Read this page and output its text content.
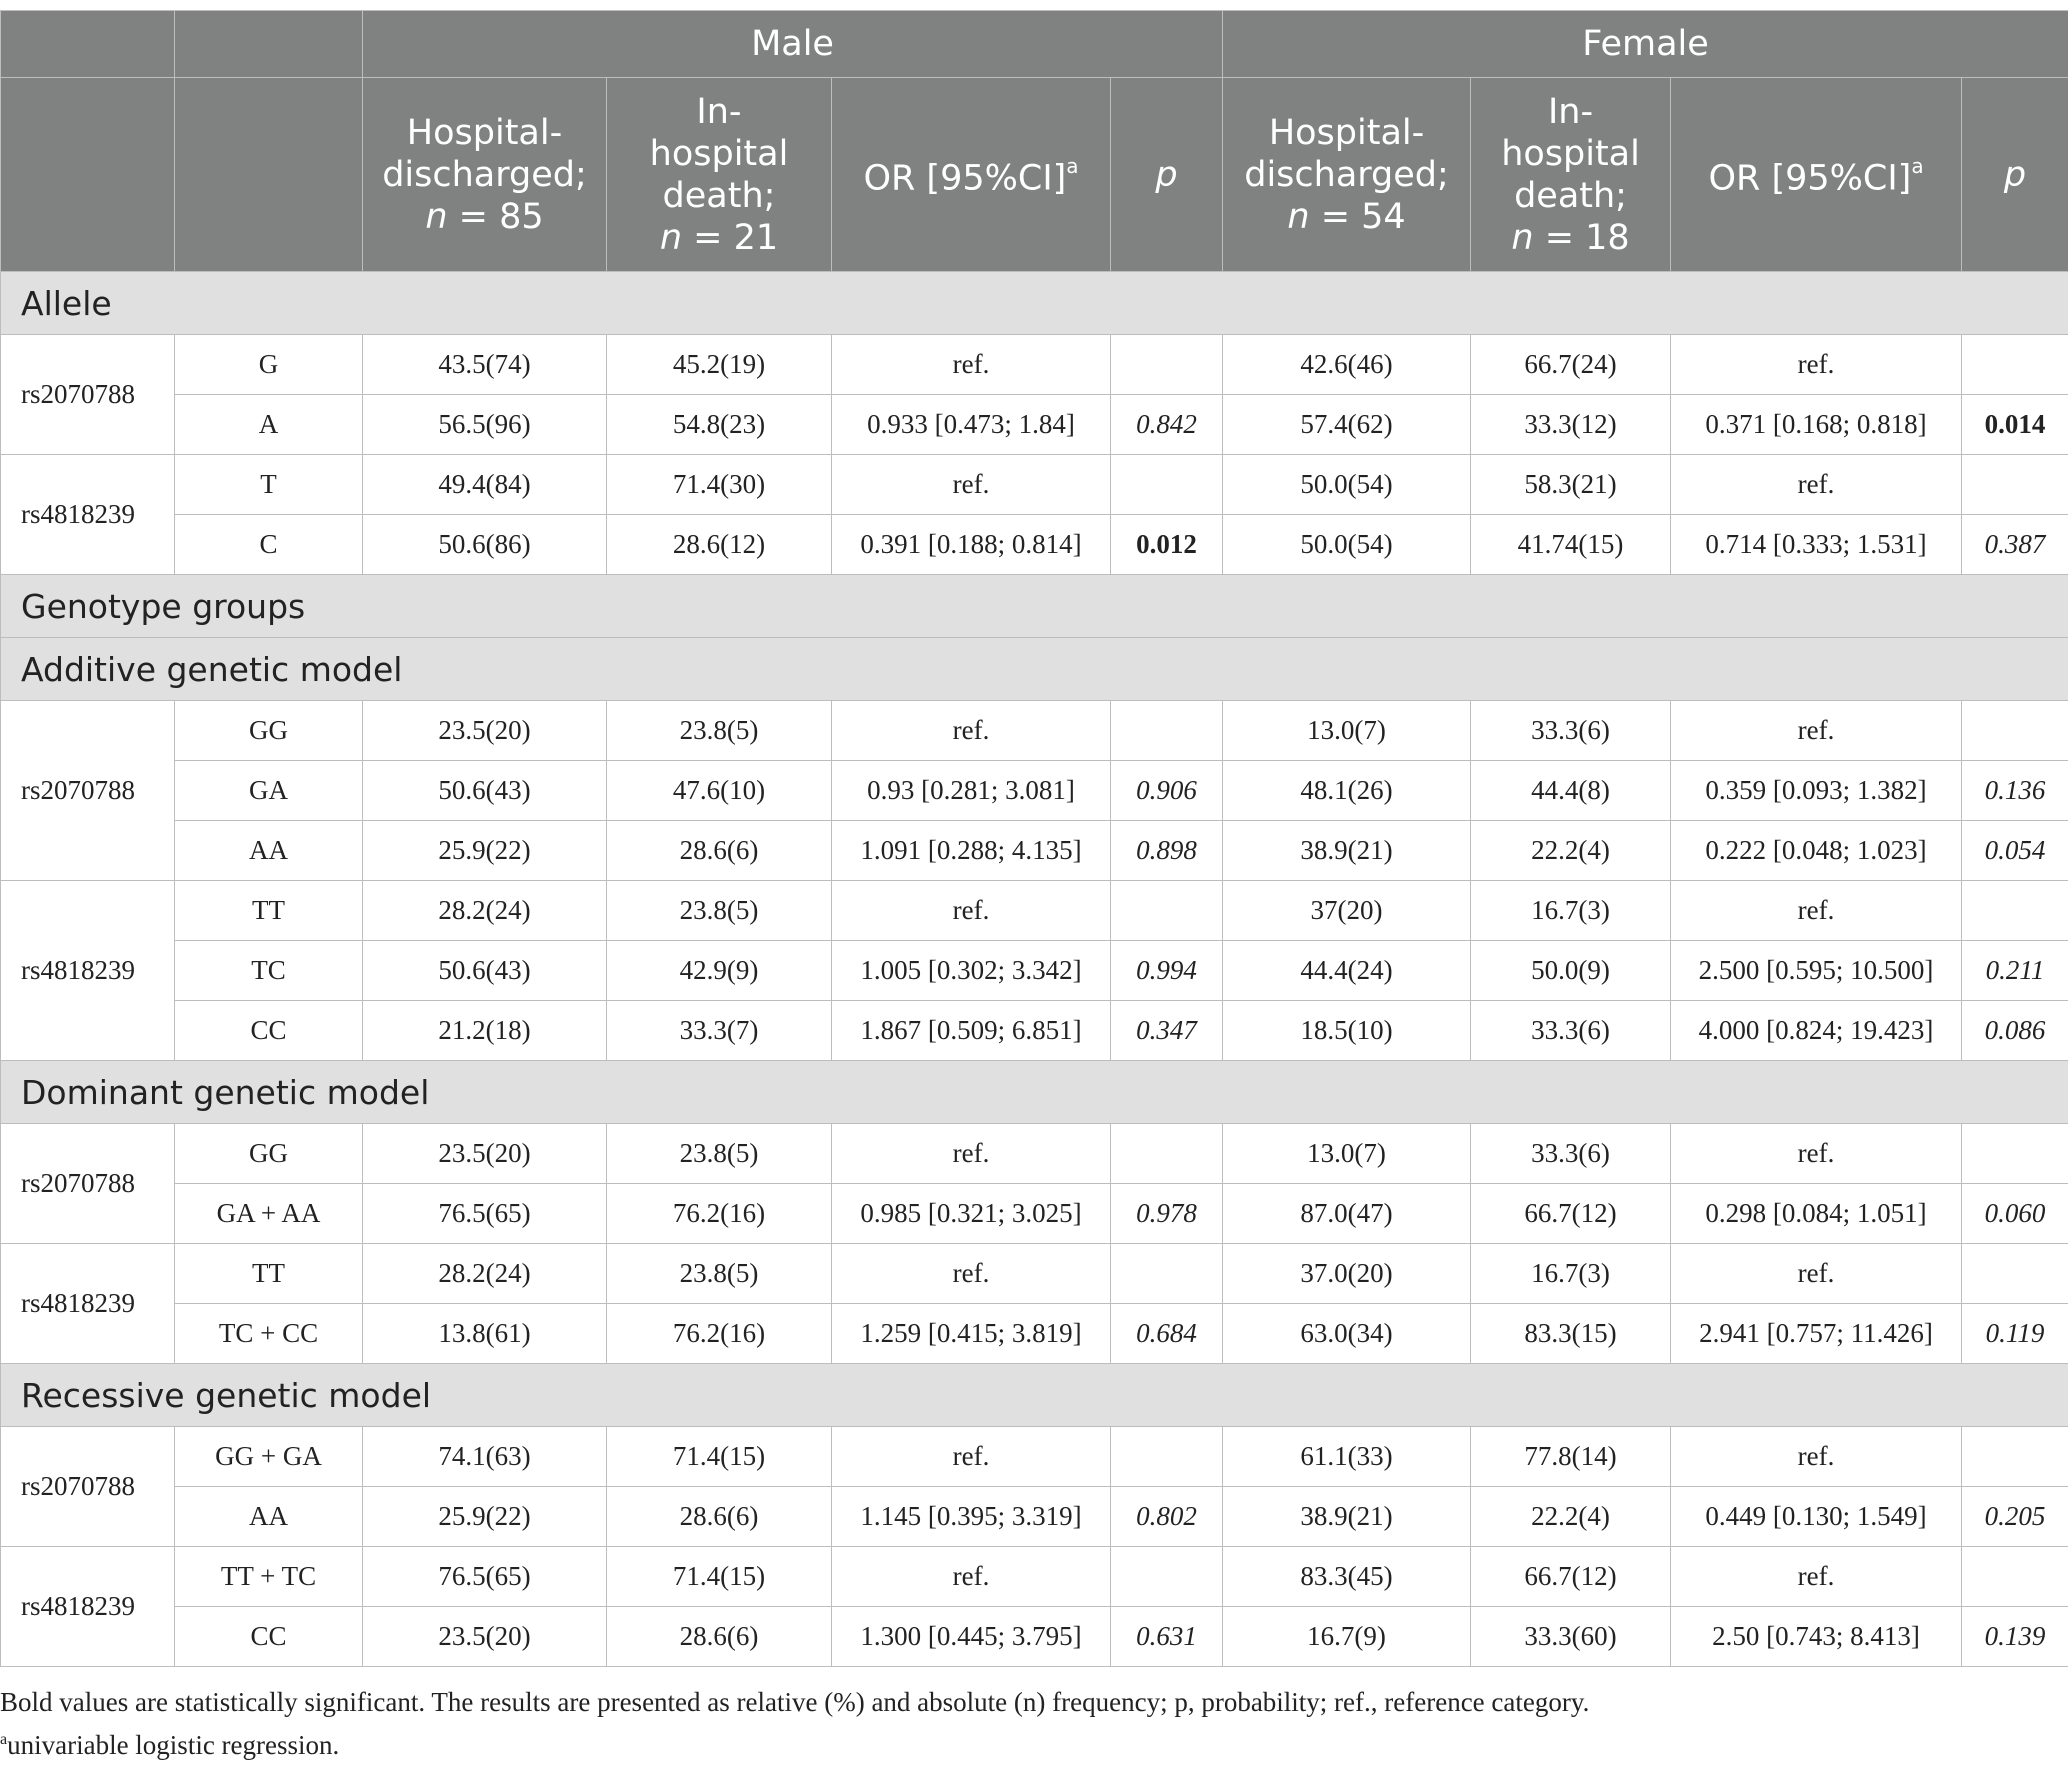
		Male				Female			

		Hospital-
discharged;
n = 85	In-
hospital
death;
n = 21	OR $[95\%CI]^a$	p	Hospital-
discharged;
n = 54	In-
hospital
death;
n = 18	OR $[95\%CI]^a$	p
Allele									
rs2070788	G	43.5(74)	45.2(19)	ref.		42.6(46)	66.7(24)	ref.	
	A	56.5(96)	54.8(23)	0.933 [0.473; 1.84]	0.842	57.4(62)	33.3(12)	0.371 [0.168; 0.818]	0.014
rs4818239	T	49.4(84)	71.4(30)	ref.		50.0(54)	58.3(21)	ref.	
	C	50.6(86)	28.6(12)	0.391 [0.188; 0.814]	0.012	50.0(54)	41.74(15)	0.714 [0.333; 1.531]	0.387
Genotype groups									
Additive genetic model									
rs2070788	GG	23.5(20)	23.8(5)	ref.		13.0(7)	33.3(6)	ref.	
	GA	50.6(43)	47.6(10)	0.93 [0.281; 3.081]	0.906	48.1(26)	44.4(8)	0.359 [0.093; 1.382]	0.136
	AA	25.9(22)	28.6(6)	1.091 [0.288; 4.135]	0.898	38.9(21)	22.2(4)	0.222 [0.048; 1.023]	0.054
rs4818239	TT	28.2(24)	23.8(5)	ref.		37(20)	16.7(3)	ref.	
	TC	50.6(43)	42.9(9)	1.005 [0.302; 3.342]	0.994	44.4(24)	50.0(9)	2.500 [0.595; 10.500]	0.211
	CC	21.2(18)	33.3(7)	1.867 [0.509; 6.851]	0.347	18.5(10)	33.3(6)	4.000 [0.824; 19.423]	0.086
Dominant genetic model									
rs2070788	GG	23.5(20)	23.8(5)	ref.		13.0(7)	33.3(6)	ref.	
	GA + AA	76.5(65)	76.2(16)	0.985 [0.321; 3.025]	0.978	87.0(47)	66.7(12)	0.298 [0.084; 1.051]	0.060
rs4818239	TT	28.2(24)	23.8(5)	ref.		37.0(20)	16.7(3)	ref.	
	TC + CC	13.8(61)	76.2(16)	1.259 [0.415; 3.819]	0.684	63.0(34)	83.3(15)	2.941 [0.757; 11.426]	0.119
Recessive genetic model									
rs2070788	GG + GA	74.1(63)	71.4(15)	ref.		61.1(33)	77.8(14)	ref.	
	AA	25.9(22)	28.6(6)	1.145 [0.395; 3.319]	0.802	38.9(21)	22.2(4)	0.449 [0.130; 1.549]	0.205
rs4818239	TT + TC	76.5(65)	71.4(15)	ref.		83.3(45)	66.7(12)	ref.	
	CC	23.5(20)	28.6(6)	1.300 [0.445; 3.795]	0.631	16.7(9)	33.3(60)	2.50 [0.743; 8.413]	0.139
Bold values are statistically significant. The results are presented as relative (%) and absolute (n) frequency; p, probability; ref., reference category.
$^a$univariable logistic regression.
